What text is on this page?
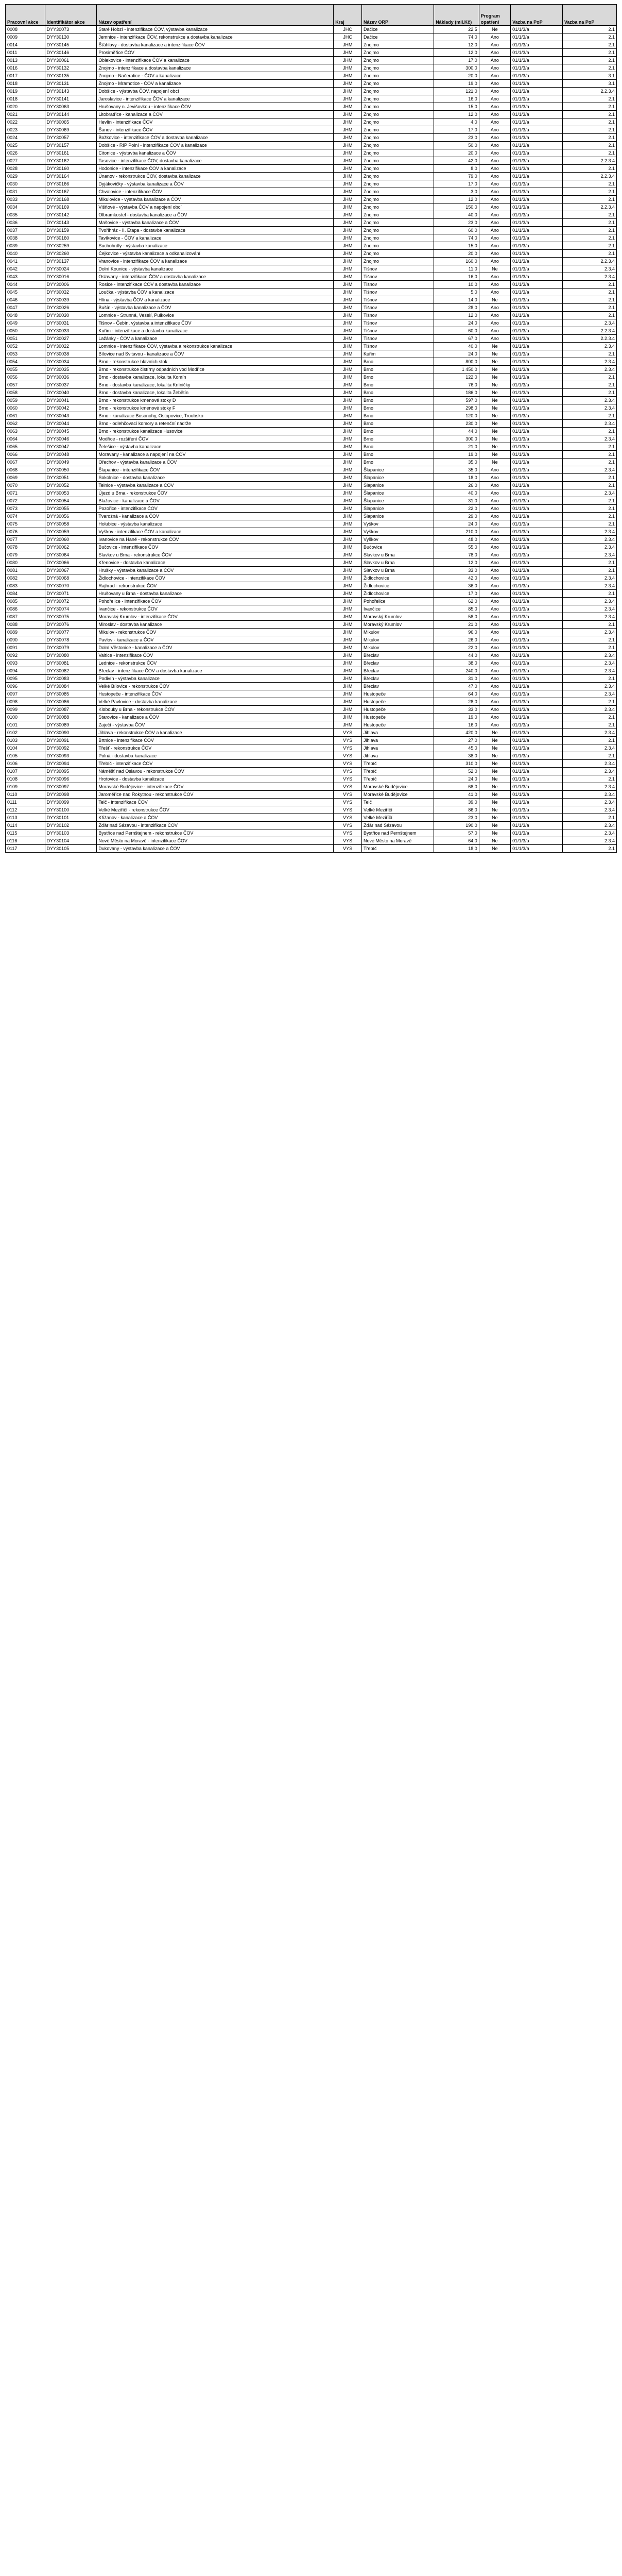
Pracovní akce	Identifikátor akce	Název opatření	Kraj	Název ORP	Náklady (mil.Kč)	Program opatření	Vazba na PoP	Vazba na PoP
0008	DYY30073	Staré Hobzí - intenzifikace ČOV, výstavba kanalizace	JHC	Dačice	22,5	Ne	01/1/3/a	2.1
0009	DYY30130	Jemnice - intenzifikace ČOV, rekonstrukce a dostavba kanalizace	JHC	Dačice	74,0	Ano	01/1/3/a	2.1
0014	DYY30145	Šťáhlavy - dostavba kanalizace a intenzifikace ČOV	JHM	Znojmo	12,0	Ano	01/1/3/a	2.1
0011	DYY30146	Prosiměřice ČOV	JHM	Znojmo	12,0	Ano	01/1/3/a	2.1
0013	DYY30061	Oblekovice - intenzifikace ČOV a kanalizace	JHM	Znojmo	17,0	Ano	01/1/3/a	2.1
0016	DYY30132	Znojmo - intenzifikace a dostavba kanalizace	JHM	Znojmo	300,0	Ano	01/1/3/a	2.1
0017	DYY30135	Znojmo - Načeratice - ČOV a kanalizace	JHM	Znojmo	20,0	Ano	01/1/3/a	3.1
0018	DYY30131	Znojmo - Mramotice - ČOV a kanalizace	JHM	Znojmo	19,0	Ano	01/1/3/a	3.1
0019	DYY30143	Dobšice - výstavba ČOV, napojení obcí	JHM	Znojmo	121,0	Ano	01/1/3/a	2.2.3.4
0018	DYY30141	Jaroslavice - intenzifikace ČOV a kanalizace	JHM	Znojmo	16,0	Ano	01/1/3/a	2.1
0020	DYY30063	Hrušovany n. Jevišovkou - intenzifikace ČOV	JHM	Znojmo	15,0	Ano	01/1/3/a	2.1
0021	DYY30144	Litobratřice - kanalizace a ČOV	JHM	Znojmo	12,0	Ano	01/1/3/a	2.1
0022	DYY30065	Hevlín - intenzifikace ČOV	JHM	Znojmo	4,0	Ano	01/1/3/a	2.1
0023	DYY30069	Šanov - intenzifikace ČOV	JHM	Znojmo	17,0	Ano	01/1/3/a	2.1
0024	DYY30057	Božkovice - intenzifikace ČOV a dostavba kanalizace	JHM	Znojmo	23,0	Ano	01/1/3/a	2.1
0025	DYY30157	Dobšice - RIP Polní - intenzifikace ČOV a kanalizace	JHM	Znojmo	50,0	Ano	01/1/3/a	2.1
0026	DYY30161	Citonice - výstavba kanalizace a ČOV	JHM	Znojmo	20,0	Ano	01/1/3/a	2.1
0027	DYY30162	Tasovice - intenzifikace ČOV, dostavba kanalizace	JHM	Znojmo	42,0	Ano	01/1/3/a	2.2.3.4
0028	DYY30160	Hodonice - intenzifikace ČOV a kanalizace	JHM	Znojmo	8,0	Ano	01/1/3/a	2.1
0029	DYY30164	Únanov - rekonstrukce ČOV, dostavba kanalizace	JHM	Znojmo	79,0	Ano	01/1/3/a	2.2.3.4
0030	DYY30166	Dyjákovičky - výstavba kanalizace a ČOV	JHM	Znojmo	17,0	Ano	01/1/3/a	2.1
0031	DYY30167	Chvalovice - intenzifikace ČOV	JHM	Znojmo	3,0	Ano	01/1/3/a	2.1
0033	DYY30168	Mikulovice - výstavba kanalizace a ČOV	JHM	Znojmo	12,0	Ano	01/1/3/a	2.1
0034	DYY30169	Višňové - výstavba ČOV a napojení obcí	JHM	Znojmo	150,0	Ano	01/1/3/a	2.2.3.4
0035	DYY30142	Olbramkostel - dostavba kanalizace a ČOV	JHM	Znojmo	40,0	Ano	01/1/3/a	2.1
0036	DYY30143	Mašovice - výstavba kanalizace a ČOV	JHM	Znojmo	23,0	Ano	01/1/3/a	2.1
0037	DYY30159	Tvořihráz - II. Etapa - dostavba kanalizace	JHM	Znojmo	60,0	Ano	01/1/3/a	2.1
0038	DYY30160	Tavíkovice - ČOV a kanalizace	JHM	Znojmo	74,0	Ano	01/1/3/a	2.1
0039	DYY30259	Suchohrdly - výstavba kanalizace	JHM	Znojmo	15,0	Ano	01/1/3/a	2.1
0040	DYY30260	Čejkovice - výstavba kanalizace a odkanalizování	JHM	Znojmo	20,0	Ano	01/1/3/a	2.1
0041	DYY30137	Vranovice - intenzifikace ČOV a kanalizace	JHM	Znojmo	160,0	Ano	01/1/3/a	2.2.3.4
0042	DYY30024	Dolní Kounice - výstavba kanalizace	JHM	Tišnov	11,0	Ne	01/1/3/a	2.3.4
0043	DYY30016	Oslavany - intenzifikace ČOV a dostavba kanalizace	JHM	Tišnov	16,0	Ano	01/1/3/a	2.3.4
0044	DYY30006	Rosice - intenzifikace ČOV a dostavba kanalizace	JHM	Tišnov	10,0	Ano	01/1/3/a	2.1
0045	DYY30032	Loučka - výstavba ČOV a kanalizace	JHM	Tišnov	5,0	Ano	01/1/3/a	2.1
0046	DYY30039	Hlína - výstavba ČOV a kanalizace	JHM	Tišnov	14,0	Ne	01/1/3/a	2.1
0047	DYY30026	Bušín - výstavba kanalizace a ČOV	JHM	Tišnov	28,0	Ano	01/1/3/a	2.1
0048	DYY30030	Lomnice - Strunná, Veselí, Pulkovice	JHM	Tišnov	12,0	Ano	01/1/3/a	2.1
0049	DYY30031	Tišnov - Čebín, výstavba a intenzifikace ČOV	JHM	Tišnov	24,0	Ano	01/1/3/a	2.3.4
0050	DYY30033	Kuřim - intenzifikace a dostavba kanalizace	JHM	Tišnov	60,0	Ano	01/1/3/a	2.2.3.4
0051	DYY30027	Lažánky - ČOV a kanalizace	JHM	Tišnov	67,0	Ano	01/1/3/a	2.2.3.4
0052	DYY30022	Lomnice - intenzifikace ČOV, výstavba a rekonstrukce kanalizace	JHM	Tišnov	40,0	Ne	01/1/3/a	2.3.4
0053	DYY30038	Bílovice nad Svitavou - kanalizace a ČOV	JHM	Kuřim	24,0	Ne	01/1/3/a	2.1
0054	DYY30034	Brno - rekonstrukce hlavních stok	JHM	Brno	800,0	Ne	01/1/3/a	2.3.4
0055	DYY30035	Brno - rekonstrukce čistírny odpadních vod Modřice	JHM	Brno	1 450,0	Ne	01/1/3/a	2.3.4
0056	DYY30036	Brno - dostavba kanalizace, lokalita Komín	JHM	Brno	122,0	Ne	01/1/3/a	2.1
0057	DYY30037	Brno - dostavba kanalizace, lokalita Kníničky	JHM	Brno	76,0	Ne	01/1/3/a	2.1
0058	DYY30040	Brno - dostavba kanalizace, lokalita Žebětín	JHM	Brno	186,0	Ne	01/1/3/a	2.1
0059	DYY30041	Brno - rekonstrukce kmenové stoky D	JHM	Brno	597,0	Ne	01/1/3/a	2.3.4
0060	DYY30042	Brno - rekonstrukce kmenové stoky F	JHM	Brno	298,0	Ne	01/1/3/a	2.3.4
0061	DYY30043	Brno - kanalizace Bosonohy, Ostopovice, Troubsko	JHM	Brno	120,0	Ne	01/1/3/a	2.1
0062	DYY30044	Brno - odlehčovací komory a retenční nádrže	JHM	Brno	230,0	Ne	01/1/3/a	2.3.4
0063	DYY30045	Brno - rekonstrukce kanalizace Husovice	JHM	Brno	44,0	Ne	01/1/3/a	2.1
0064	DYY30046	Modřice - rozšíření ČOV	JHM	Brno	300,0	Ne	01/1/3/a	2.3.4
0065	DYY30047	Želešice - výstavba kanalizace	JHM	Brno	21,0	Ne	01/1/3/a	2.1
0066	DYY30048	Moravany - kanalizace a napojení na ČOV	JHM	Brno	19,0	Ne	01/1/3/a	2.1
0067	DYY30049	Ořechov - výstavba kanalizace a ČOV	JHM	Brno	35,0	Ne	01/1/3/a	2.1
0068	DYY30050	Šlapanice - intenzifikace ČOV	JHM	Šlapanice	35,0	Ano	01/1/3/a	2.3.4
0069	DYY30051	Sokolnice - dostavba kanalizace	JHM	Šlapanice	18,0	Ano	01/1/3/a	2.1
0070	DYY30052	Telnice - výstavba kanalizace a ČOV	JHM	Šlapanice	26,0	Ano	01/1/3/a	2.1
0071	DYY30053	Újezd u Brna - rekonstrukce ČOV	JHM	Šlapanice	40,0	Ano	01/1/3/a	2.3.4
0072	DYY30054	Blažovice - kanalizace a ČOV	JHM	Šlapanice	31,0	Ano	01/1/3/a	2.1
0073	DYY30055	Pozořice - intenzifikace ČOV	JHM	Šlapanice	22,0	Ano	01/1/3/a	2.1
0074	DYY30056	Tvarožná - kanalizace a ČOV	JHM	Šlapanice	29,0	Ano	01/1/3/a	2.1
0075	DYY30058	Holubice - výstavba kanalizace	JHM	Vyškov	24,0	Ano	01/1/3/a	2.1
0076	DYY30059	Vyškov - intenzifikace ČOV a kanalizace	JHM	Vyškov	210,0	Ano	01/1/3/a	2.3.4
0077	DYY30060	Ivanovice na Hané - rekonstrukce ČOV	JHM	Vyškov	48,0	Ano	01/1/3/a	2.3.4
0078	DYY30062	Bučovice - intenzifikace ČOV	JHM	Bučovice	55,0	Ano	01/1/3/a	2.3.4
0079	DYY30064	Slavkov u Brna - rekonstrukce ČOV	JHM	Slavkov u Brna	78,0	Ano	01/1/3/a	2.3.4
0080	DYY30066	Křenovice - dostavba kanalizace	JHM	Slavkov u Brna	12,0	Ano	01/1/3/a	2.1
0081	DYY30067	Hrušky - výstavba kanalizace a ČOV	JHM	Slavkov u Brna	33,0	Ano	01/1/3/a	2.1
0082	DYY30068	Židlochovice - intenzifikace ČOV	JHM	Židlochovice	42,0	Ano	01/1/3/a	2.3.4
0083	DYY30070	Rajhrad - rekonstrukce ČOV	JHM	Židlochovice	36,0	Ano	01/1/3/a	2.3.4
0084	DYY30071	Hrušovany u Brna - dostavba kanalizace	JHM	Židlochovice	17,0	Ano	01/1/3/a	2.1
0085	DYY30072	Pohořelice - intenzifikace ČOV	JHM	Pohořelice	62,0	Ano	01/1/3/a	2.3.4
0086	DYY30074	Ivančice - rekonstrukce ČOV	JHM	Ivančice	85,0	Ano	01/1/3/a	2.3.4
0087	DYY30075	Moravský Krumlov - intenzifikace ČOV	JHM	Moravský Krumlov	58,0	Ano	01/1/3/a	2.3.4
0088	DYY30076	Miroslav - dostavba kanalizace	JHM	Moravský Krumlov	21,0	Ano	01/1/3/a	2.1
0089	DYY30077	Mikulov - rekonstrukce ČOV	JHM	Mikulov	96,0	Ano	01/1/3/a	2.3.4
0090	DYY30078	Pavlov - kanalizace a ČOV	JHM	Mikulov	26,0	Ano	01/1/3/a	2.1
0091	DYY30079	Dolní Věstonice - kanalizace a ČOV	JHM	Mikulov	22,0	Ano	01/1/3/a	2.1
0092	DYY30080	Valtice - intenzifikace ČOV	JHM	Břeclav	44,0	Ano	01/1/3/a	2.3.4
0093	DYY30081	Lednice - rekonstrukce ČOV	JHM	Břeclav	38,0	Ano	01/1/3/a	2.3.4
0094	DYY30082	Břeclav - intenzifikace ČOV a dostavba kanalizace	JHM	Břeclav	240,0	Ano	01/1/3/a	2.3.4
0095	DYY30083	Podivín - výstavba kanalizace	JHM	Břeclav	31,0	Ano	01/1/3/a	2.1
0096	DYY30084	Velké Bílovice - rekonstrukce ČOV	JHM	Břeclav	47,0	Ano	01/1/3/a	2.3.4
0097	DYY30085	Hustopeče - intenzifikace ČOV	JHM	Hustopeče	64,0	Ano	01/1/3/a	2.3.4
0098	DYY30086	Velké Pavlovice - dostavba kanalizace	JHM	Hustopeče	28,0	Ano	01/1/3/a	2.1
0099	DYY30087	Klobouky u Brna - rekonstrukce ČOV	JHM	Hustopeče	33,0	Ano	01/1/3/a	2.3.4
0100	DYY30088	Starovice - kanalizace a ČOV	JHM	Hustopeče	19,0	Ano	01/1/3/a	2.1
0101	DYY30089	Zaječí - výstavba ČOV	JHM	Hustopeče	16,0	Ano	01/1/3/a	2.1
0102	DYY30090	Jihlava - rekonstrukce ČOV a kanalizace	VYS	Jihlava	420,0	Ne	01/1/3/a	2.3.4
0103	DYY30091	Brtnice - intenzifikace ČOV	VYS	Jihlava	27,0	Ne	01/1/3/a	2.1
0104	DYY30092	Třešť - rekonstrukce ČOV	VYS	Jihlava	45,0	Ne	01/1/3/a	2.3.4
0105	DYY30093	Polná - dostavba kanalizace	VYS	Jihlava	38,0	Ne	01/1/3/a	2.1
0106	DYY30094	Třebíč - intenzifikace ČOV	VYS	Třebíč	310,0	Ne	01/1/3/a	2.3.4
0107	DYY30095	Náměšť nad Oslavou - rekonstrukce ČOV	VYS	Třebíč	52,0	Ne	01/1/3/a	2.3.4
0108	DYY30096	Hrotovice - dostavba kanalizace	VYS	Třebíč	24,0	Ne	01/1/3/a	2.1
0109	DYY30097	Moravské Budějovice - intenzifikace ČOV	VYS	Moravské Budějovice	68,0	Ne	01/1/3/a	2.3.4
0110	DYY30098	Jaroměřice nad Rokytnou - rekonstrukce ČOV	VYS	Moravské Budějovice	41,0	Ne	01/1/3/a	2.3.4
0111	DYY30099	Telč - intenzifikace ČOV	VYS	Telč	39,0	Ne	01/1/3/a	2.3.4
0112	DYY30100	Velké Meziříčí - rekonstrukce ČOV	VYS	Velké Meziříčí	86,0	Ne	01/1/3/a	2.3.4
0113	DYY30101	Křižanov - kanalizace a ČOV	VYS	Velké Meziříčí	23,0	Ne	01/1/3/a	2.1
0114	DYY30102	Žďár nad Sázavou - intenzifikace ČOV	VYS	Žďár nad Sázavou	190,0	Ne	01/1/3/a	2.3.4
0115	DYY30103	Bystřice nad Pernštejnem - rekonstrukce ČOV	VYS	Bystřice nad Pernštejnem	57,0	Ne	01/1/3/a	2.3.4
0116	DYY30104	Nové Město na Moravě - intenzifikace ČOV	VYS	Nové Město na Moravě	64,0	Ne	01/1/3/a	2.3.4
0117	DYY30105	Dukovany - výstavba kanalizace a ČOV	VYS	Třebíč	18,0	Ne	01/1/3/a	2.1
